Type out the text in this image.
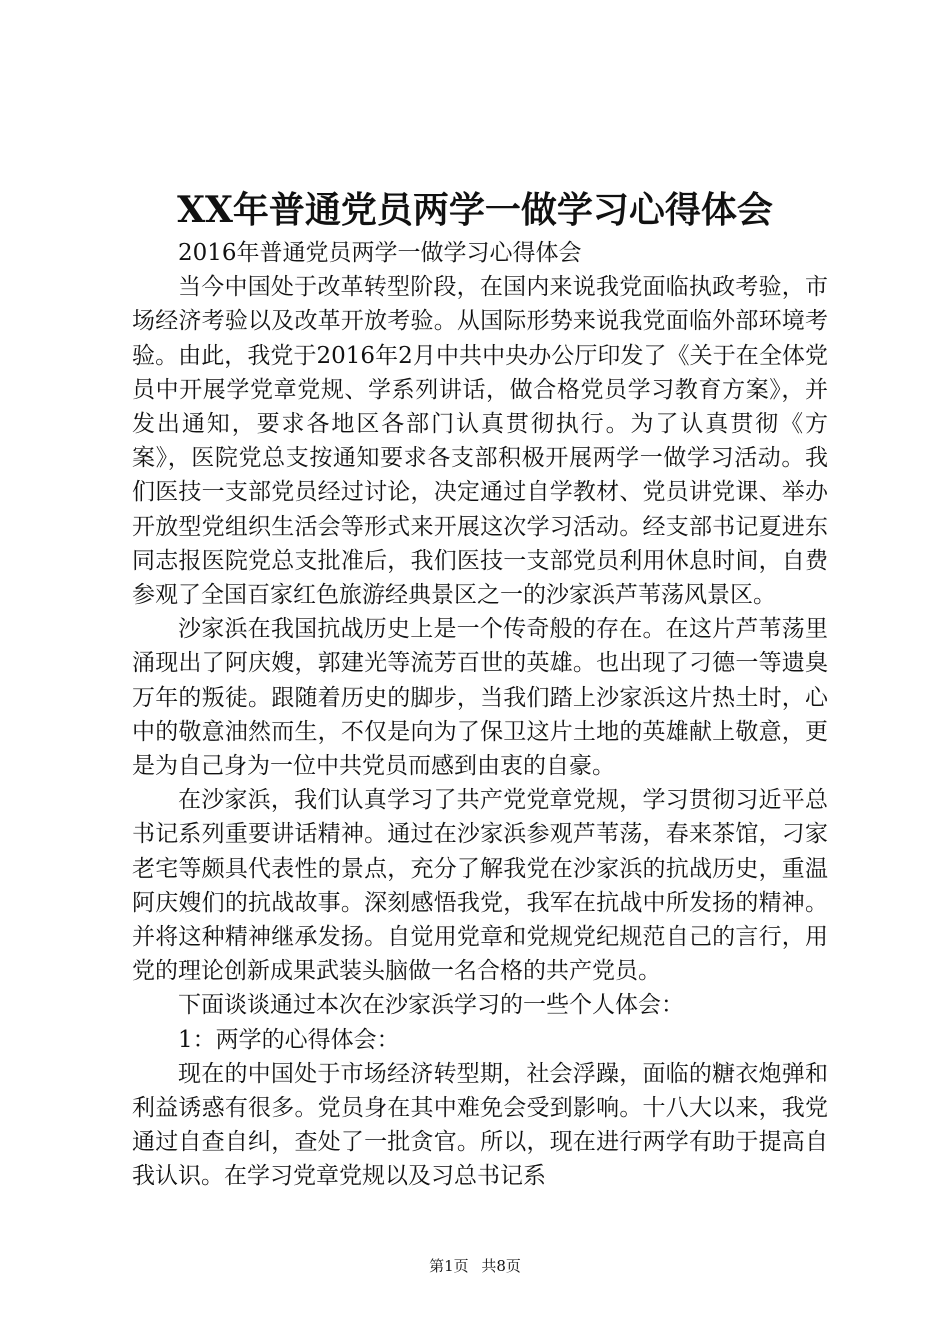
XX年普通党员两学一做学习心得体会

2016年普通党员两学一做学习心得体会

当今中国处于改革转型阶段，在国内来说我党面临执政考验，市场经济考验以及改革开放考验。从国际形势来说我党面临外部环境考验。由此，我党于2016年2月中共中央办公厅印发了《关于在全体党员中开展学党章党规、学系列讲话，做合格党员学习教育方案》，并发出通知，要求各地区各部门认真贯彻执行。为了认真贯彻《方案》，医院党总支按通知要求各支部积极开展两学一做学习活动。我们医技一支部党员经过讨论，决定通过自学教材、党员讲党课、举办开放型党组织生活会等形式来开展这次学习活动。经支部书记夏进东同志报医院党总支批准后，我们医技一支部党员利用休息时间，自费参观了全国百家红色旅游经典景区之一的沙家浜芦苇荡风景区。

沙家浜在我国抗战历史上是一个传奇般的存在。在这片芦苇荡里涌现出了阿庆嫂，郭建光等流芳百世的英雄。也出现了刁德一等遗臭万年的叛徒。跟随着历史的脚步，当我们踏上沙家浜这片热土时，心中的敬意油然而生，不仅是向为了保卫这片土地的英雄献上敬意，更是为自己身为一位中共党员而感到由衷的自豪。

在沙家浜，我们认真学习了共产党党章党规，学习贯彻习近平总书记系列重要讲话精神。通过在沙家浜参观芦苇荡，春来茶馆，刁家老宅等颇具代表性的景点，充分了解我党在沙家浜的抗战历史，重温阿庆嫂们的抗战故事。深刻感悟我党，我军在抗战中所发扬的精神。并将这种精神继承发扬。自觉用党章和党规党纪规范自己的言行，用党的理论创新成果武装头脑做一名合格的共产党员。

下面谈谈通过本次在沙家浜学习的一些个人体会：

1：两学的心得体会：

现在的中国处于市场经济转型期，社会浮躁，面临的糖衣炮弹和利益诱惑有很多。党员身在其中难免会受到影响。十八大以来，我党通过自查自纠，查处了一批贪官。所以，现在进行两学有助于提高自我认识。在学习党章党规以及习总书记系

第1页 共8页
